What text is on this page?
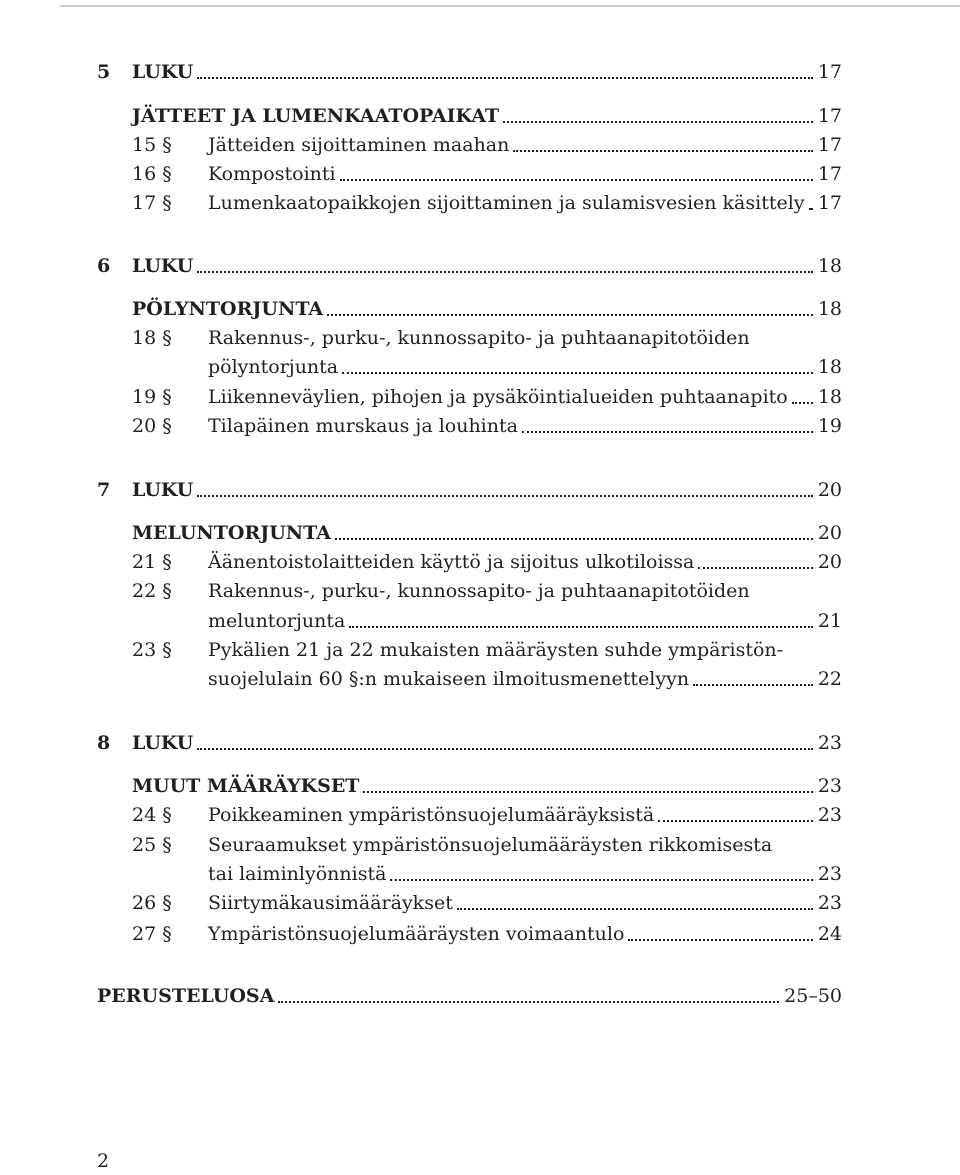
5 LUKU	17
JÄTTEET JA LUMENKAATOPAIKAT	17
15 § Jätteiden sijoittaminen maahan	17
16 § Kompostointi	17
17 § Lumenkaatopaikkojen sijoittaminen ja sulamisvesien käsittely 17
6 LUKU	18
PÖLYNTORJUNTA	18
18 § Rakennus-, purku-, kunnossapito- ja puhtaanapitotöiden
pölyntorjunta	18
19 § Liikenneväylien, pihojen ja pysäköintialueiden puhtaanapito 18
20 § Tilapäinen murskaus ja louhinta	19
7 LUKU	20
MELUNTORJUNTA	20
21 § Äänentoistolaitteiden käyttö ja sijoitus ulkotiloissa	20
22 § Rakennus-, purku-, kunnossapito- ja puhtaanapitotöiden
meluntorjunta	21
23 § Pykälien 21 ja 22 mukaisten määräysten suhde ympäristön-
suojelulain 60 §:n mukaiseen ilmoitusmenettelyyn	22
8 LUKU	23
MUUT MÄÄRÄYKSET	23
24 § Poikkeaminen ympäristönsuojelumääräyksistä	23
25 § Seuraamukset ympäristönsuojelumääräysten rikkomisesta
tai laiminlyönnistä	23
26 § Siirtymäkausimääräykset	23
27 § Ympäristönsuojelumääräysten voimaantulo	24
PERUSTELUOSA	25–50
2
